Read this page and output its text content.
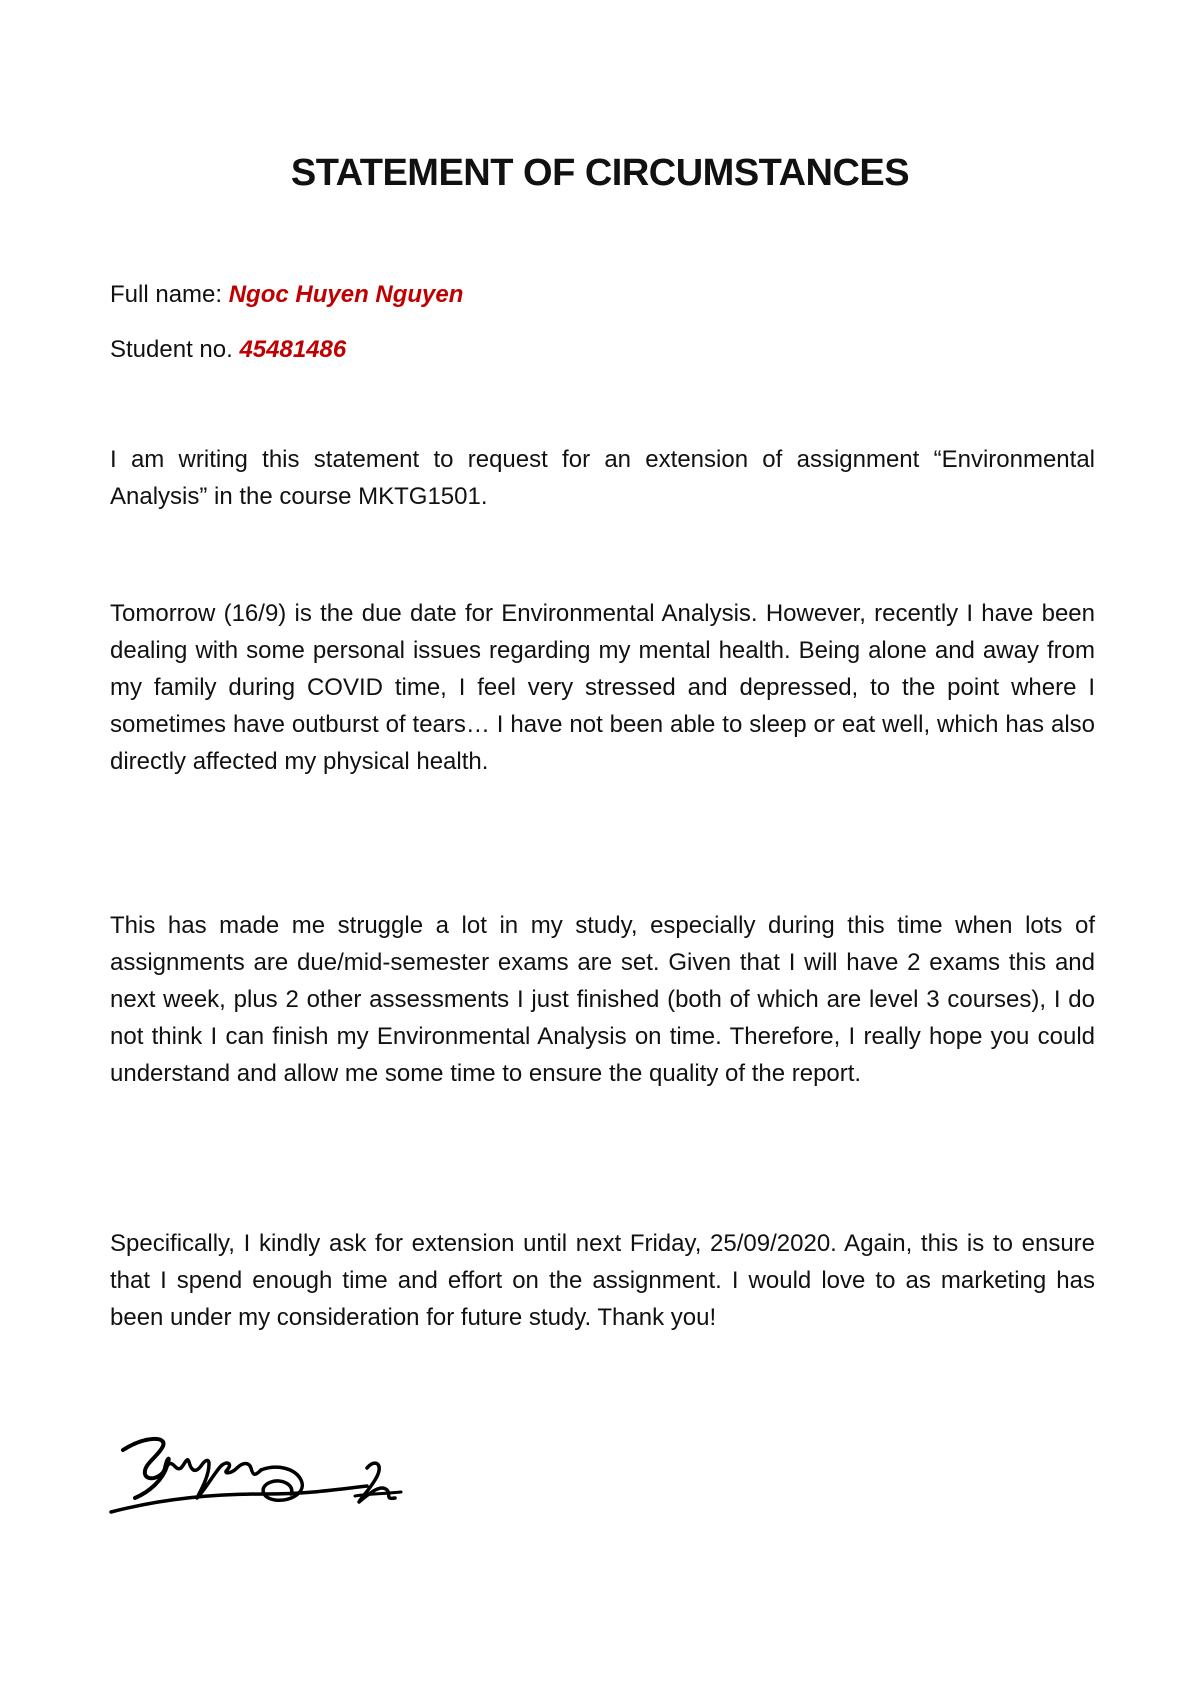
STATEMENT OF CIRCUMSTANCES
Full name: Ngoc Huyen Nguyen
Student no. 45481486

I am writing this statement to request for an extension of assignment “Environmental Analysis” in the course MKTG1501.

Tomorrow (16/9) is the due date for Environmental Analysis. However, recently I have been dealing with some personal issues regarding my mental health. Being alone and away from my family during COVID time, I feel very stressed and depressed, to the point where I sometimes have outburst of tears… I have not been able to sleep or eat well, which has also directly affected my physical health.

This has made me struggle a lot in my study, especially during this time when lots of assignments are due/mid-semester exams are set. Given that I will have 2 exams this and next week, plus 2 other assessments I just finished (both of which are level 3 courses), I do not think I can finish my Environmental Analysis on time. Therefore, I really hope you could understand and allow me some time to ensure the quality of the report.

Specifically, I kindly ask for extension until next Friday, 25/09/2020. Again, this is to ensure that I spend enough time and effort on the assignment. I would love to as marketing has been under my consideration for future study. Thank you!
